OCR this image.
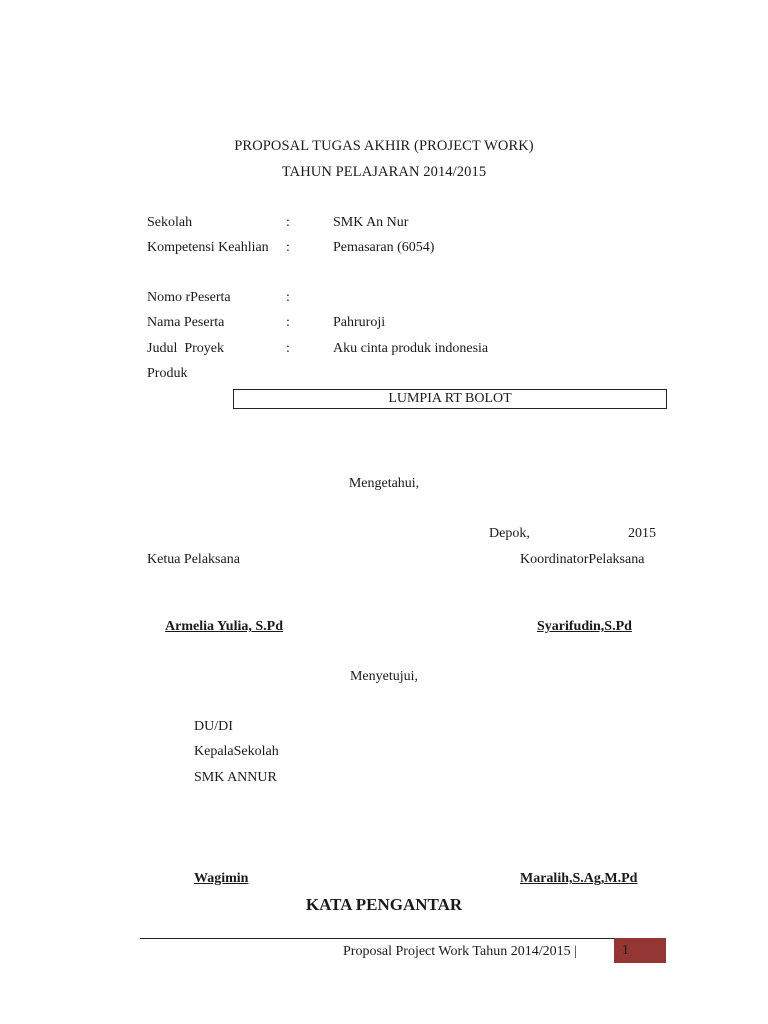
PROPOSAL TUGAS AKHIR (PROJECT WORK)
TAHUN PELAJARAN 2014/2015
Sekolah	:	SMK An Nur
Kompetensi Keahlian :	Pemasaran (6054)
Nomo rPeserta	:
Nama Peserta	:	Pahruroji
Judul  Proyek	:	Aku cinta produk indonesia
Produk
LUMPIA RT BOLOT
Mengetahui,
Depok,	2015
Ketua Pelaksana	KoordinatorPelaksana
Armelia Yulia, S.Pd	Syarifudin,S.Pd
Menyetujui,
DU/DI
KepalaSekolah
SMK ANNUR
Wagimin	Maralih,S.Ag,M.Pd
KATA PENGANTAR
Proposal Project Work Tahun 2014/2015 |	1
